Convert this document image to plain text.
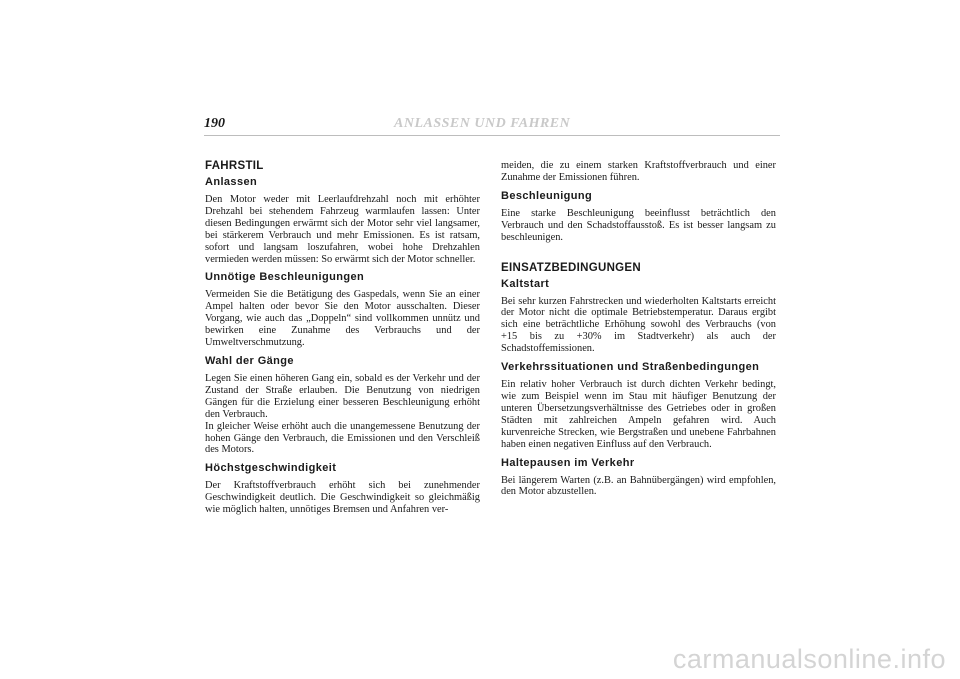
190	ANLASSEN UND FAHREN
FAHRSTIL
Anlassen

Den Motor weder mit Leerlaufdrehzahl noch mit erhöhter Drehzahl bei stehendem Fahrzeug warmlaufen lassen: Unter diesen Bedingungen erwärmt sich der Motor sehr viel langsamer, bei stärkerem Verbrauch und mehr Emissionen. Es ist ratsam, sofort und langsam loszufahren, wobei hohe Drehzahlen vermieden werden müssen: So erwärmt sich der Motor schneller.

Unnötige Beschleunigungen

Vermeiden Sie die Betätigung des Gaspedals, wenn Sie an einer Ampel halten oder bevor Sie den Motor ausschalten. Dieser Vorgang, wie auch das „Doppeln“ sind vollkommen unnütz und bewirken eine Zunahme des Verbrauchs und der Umweltverschmutzung.

Wahl der Gänge

Legen Sie einen höheren Gang ein, sobald es der Verkehr und der Zustand der Straße erlauben. Die Benutzung von niedrigen Gängen für die Erzielung einer besseren Beschleunigung erhöht den Verbrauch.

In gleicher Weise erhöht auch die unangemessene Benutzung der hohen Gänge den Verbrauch, die Emissionen und den Verschleiß des Motors.

Höchstgeschwindigkeit

Der Kraftstoffverbrauch erhöht sich bei zunehmender Geschwindigkeit deutlich. Die Geschwindigkeit so gleichmäßig wie möglich halten, unnötiges Bremsen und Anfahren ver-

meiden, die zu einem starken Kraftstoffverbrauch und einer Zunahme der Emissionen führen.

Beschleunigung

Eine starke Beschleunigung beeinflusst beträchtlich den Verbrauch und den Schadstoffausstoß. Es ist besser langsam zu beschleunigen.

EINSATZBEDINGUNGEN
Kaltstart

Bei sehr kurzen Fahrstrecken und wiederholten Kaltstarts erreicht der Motor nicht die optimale Betriebstemperatur. Daraus ergibt sich eine beträchtliche Erhöhung sowohl des Verbrauchs (von +15 bis zu +30% im Stadtverkehr) als auch der Schadstoffemissionen.

Verkehrssituationen und Straßenbedingungen

Ein relativ hoher Verbrauch ist durch dichten Verkehr bedingt, wie zum Beispiel wenn im Stau mit häufiger Benutzung der unteren Übersetzungsverhältnisse des Getriebes oder in großen Städten mit zahlreichen Ampeln gefahren wird. Auch kurvenreiche Strecken, wie Bergstraßen und unebene Fahrbahnen haben einen negativen Einfluss auf den Verbrauch.

Haltepausen im Verkehr

Bei längerem Warten (z.B. an Bahnübergängen) wird empfohlen, den Motor abzustellen.

carmanualsonline.info
